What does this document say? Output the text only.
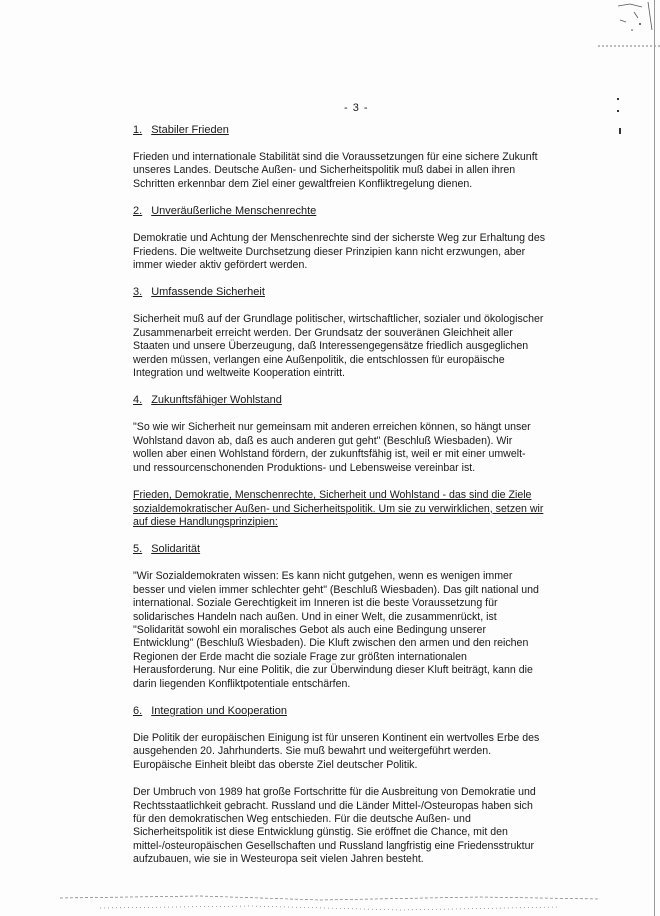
- 3 -
1. Stabiler Frieden
Frieden und internationale Stabilität sind die Voraussetzungen für eine sichere Zukunft unseres Landes. Deutsche Außen- und Sicherheitspolitik muß dabei in allen ihren Schritten erkennbar dem Ziel einer gewaltfreien Konfliktregelung dienen.
2. Unveräußerliche Menschenrechte
Demokratie und Achtung der Menschenrechte sind der sicherste Weg zur Erhaltung des Friedens. Die weltweite Durchsetzung dieser Prinzipien kann nicht erzwungen, aber immer wieder aktiv gefördert werden.
3. Umfassende Sicherheit
Sicherheit muß auf der Grundlage politischer, wirtschaftlicher, sozialer und ökologischer Zusammenarbeit erreicht werden. Der Grundsatz der souveränen Gleichheit aller Staaten und unsere Überzeugung, daß Interessengegensätze friedlich ausgeglichen werden müssen, verlangen eine Außenpolitik, die entschlossen für europäische Integration und weltweite Kooperation eintritt.
4. Zukunftsfähiger Wohlstand
"So wie wir Sicherheit nur gemeinsam mit anderen erreichen können, so hängt unser Wohlstand davon ab, daß es auch anderen gut geht" (Beschluß Wiesbaden). Wir wollen aber einen Wohlstand fördern, der zukunftsfähig ist, weil er mit einer umwelt- und ressourcenschonenden Produktions- und Lebensweise vereinbar ist.
Frieden, Demokratie, Menschenrechte, Sicherheit und Wohlstand - das sind die Ziele sozialdemokratischer Außen- und Sicherheitspolitik. Um sie zu verwirklichen, setzen wir auf diese Handlungsprinzipien:
5. Solidarität
"Wir Sozialdemokraten wissen: Es kann nicht gutgehen, wenn es wenigen immer besser und vielen immer schlechter geht" (Beschluß Wiesbaden). Das gilt national und international. Soziale Gerechtigkeit im Inneren ist die beste Voraussetzung für solidarisches Handeln nach außen. Und in einer Welt, die zusammenrückt, ist "Solidarität sowohl ein moralisches Gebot als auch eine Bedingung unserer Entwicklung" (Beschluß Wiesbaden). Die Kluft zwischen den armen und den reichen Regionen der Erde macht die soziale Frage zur größten internationalen Herausforderung. Nur eine Politik, die zur Überwindung dieser Kluft beiträgt, kann die darin liegenden Konfliktpotentiale entschärfen.
6. Integration und Kooperation
Die Politik der europäischen Einigung ist für unseren Kontinent ein wertvolles Erbe des ausgehenden 20. Jahrhunderts. Sie muß bewahrt und weitergeführt werden. Europäische Einheit bleibt das oberste Ziel deutscher Politik.
Der Umbruch von 1989 hat große Fortschritte für die Ausbreitung von Demokratie und Rechtsstaatlichkeit gebracht. Russland und die Länder Mittel-/Osteuropas haben sich für den demokratischen Weg entschieden. Für die deutsche Außen- und Sicherheitspolitik ist diese Entwicklung günstig. Sie eröffnet die Chance, mit den mittel-/osteuropäischen Gesellschaften und Russland langfristig eine Friedensstruktur aufzubauen, wie sie in Westeuropa seit vielen Jahren besteht.
